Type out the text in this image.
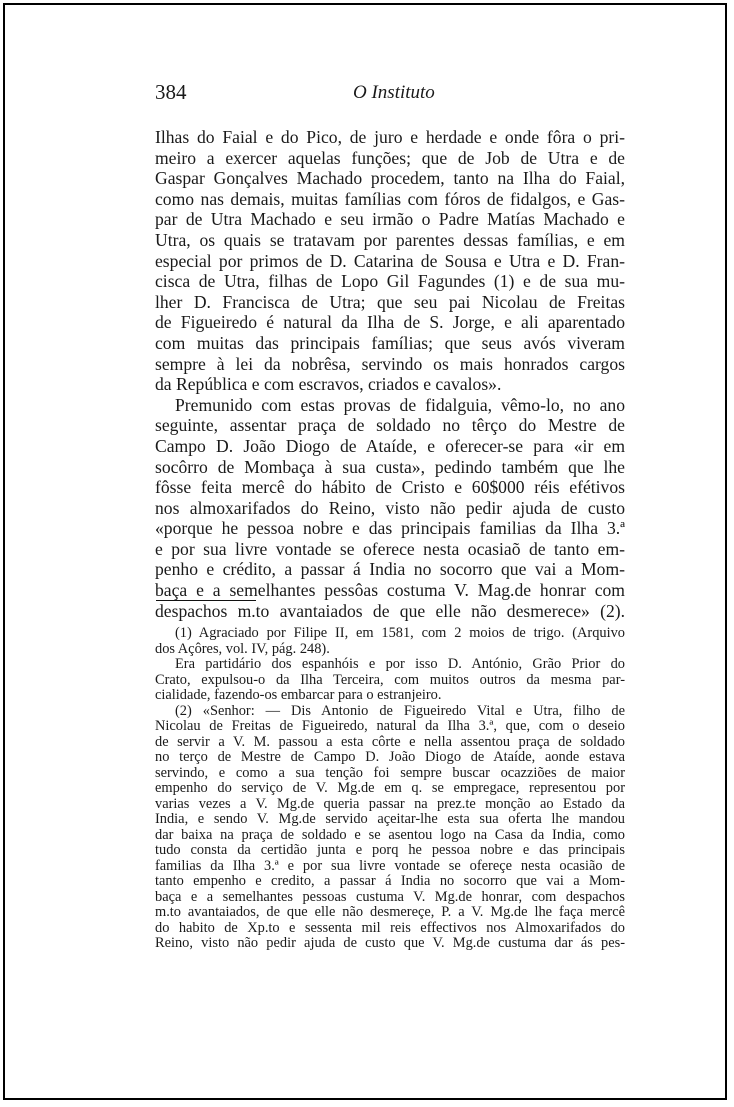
384	O Instituto
Ilhas do Faial e do Pico, de juro e herdade e onde fôra o pri-
meiro a exercer aquelas funções; que de Job de Utra e de
Gaspar Gonçalves Machado procedem, tanto na Ilha do Faial,
como nas demais, muitas famílias com fóros de fidalgos, e Gas-
par de Utra Machado e seu irmão o Padre Matías Machado e
Utra, os quais se tratavam por parentes dessas famílias, e em
especial por primos de D. Catarina de Sousa e Utra e D. Fran-
cisca de Utra, filhas de Lopo Gil Fagundes (1) e de sua mu-
lher D. Francisca de Utra; que seu pai Nicolau de Freitas
de Figueiredo é natural da Ilha de S. Jorge, e ali aparentado
com muitas das principais famílias; que seus avós viveram
sempre à lei da nobrêsa, servindo os mais honrados cargos
da República e com escravos, criados e cavalos».
Premunido com estas provas de fidalguia, vêmo-lo, no ano
seguinte, assentar praça de soldado no têrço do Mestre de
Campo D. João Diogo de Ataíde, e oferecer-se para «ir em
socôrro de Mombaça à sua custa», pedindo também que lhe
fôsse feita mercê do hábito de Cristo e 60$000 réis efétivos
nos almoxarifados do Reino, visto não pedir ajuda de custo
«porque he pessoa nobre e das principais familias da Ilha 3.ª
e por sua livre vontade se oferece nesta ocasiaõ de tanto em-
penho e crédito, a passar á India no socorro que vai a Mom-
baça e a semelhantes pessôas costuma V. Mag.de honrar com
despachos m.to avantaiados de que elle não desmerece» (2).
(1) Agraciado por Filipe II, em 1581, com 2 moios de trigo. (Arquivo
dos Açôres, vol. IV, pág. 248).
Era partidário dos espanhóis e por isso D. António, Grão Prior do
Crato, expulsou-o da Ilha Terceira, com muitos outros da mesma par-
cialidade, fazendo-os embarcar para o estranjeiro.
(2) «Senhor: — Dis Antonio de Figueiredo Vital e Utra, filho de
Nicolau de Freitas de Figueiredo, natural da Ilha 3.ª, que, com o deseio
de servir a V. M. passou a esta côrte e nella assentou praça de soldado
no terço de Mestre de Campo D. João Diogo de Ataíde, aonde estava
servindo, e como a sua tenção foi sempre buscar ocazziões de maior
empenho do serviço de V. Mg.de em q. se empregace, representou por
varias vezes a V. Mg.de queria passar na prez.te monção ao Estado da
India, e sendo V. Mg.de servido açeitar-lhe esta sua oferta lhe mandou
dar baixa na praça de soldado e se asentou logo na Casa da India, como
tudo consta da certidão junta e porq he pessoa nobre e das principais
familias da Ilha 3.ª e por sua livre vontade se ofereçe nesta ocasião de
tanto empenho e credito, a passar á India no socorro que vai a Mom-
baça e a semelhantes pessoas custuma V. Mg.de honrar, com despachos
m.to avantaiados, de que elle não desmereçe, P. a V. Mg.de lhe faça mercê
do habito de Xp.to e sessenta mil reis effectivos nos Almoxarifados do
Reino, visto não pedir ajuda de custo que V. Mg.de custuma dar ás pes-
